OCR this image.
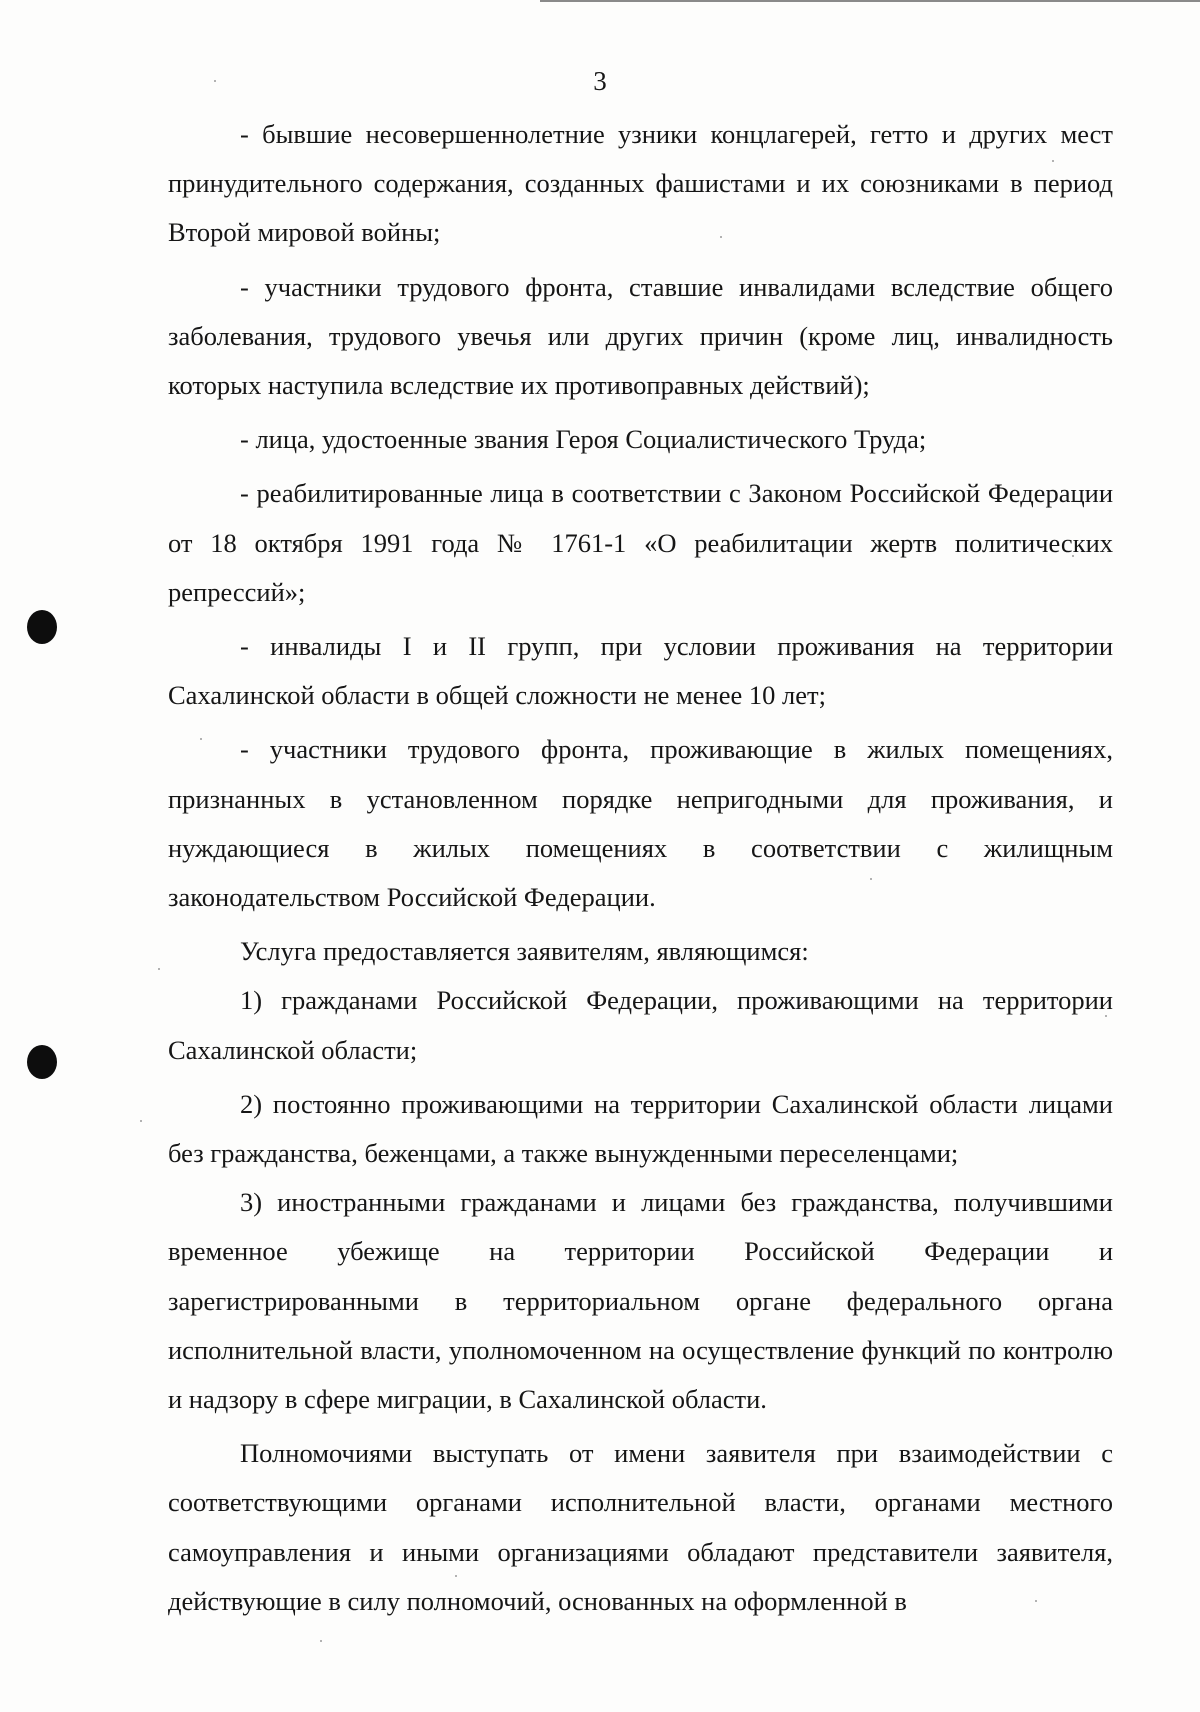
3

- бывшие несовершеннолетние узники концлагерей, гетто и других мест принудительного содержания, созданных фашистами и их союзниками в период Второй мировой войны;

- участники трудового фронта, ставшие инвалидами вследствие общего заболевания, трудового увечья или других причин (кроме лиц, инвалидность которых наступила вследствие их противоправных действий);

- лица, удостоенные звания Героя Социалистического Труда;

- реабилитированные лица в соответствии с Законом Российской Федерации от 18 октября 1991 года № 1761-1 «О реабилитации жертв политических репрессий»;

- инвалиды I и II групп, при условии проживания на территории Сахалинской области в общей сложности не менее 10 лет;

- участники трудового фронта, проживающие в жилых помещениях, признанных в установленном порядке непригодными для проживания, и нуждающиеся в жилых помещениях в соответствии с жилищным законодательством Российской Федерации.

Услуга предоставляется заявителям, являющимся:

1) гражданами Российской Федерации, проживающими на территории Сахалинской области;

2) постоянно проживающими на территории Сахалинской области лицами без гражданства, беженцами, а также вынужденными переселенцами;

3) иностранными гражданами и лицами без гражданства, получившими временное убежище на территории Российской Федерации и зарегистрированными в территориальном органе федерального органа исполнительной власти, уполномоченном на осуществление функций по контролю и надзору в сфере миграции, в Сахалинской области.

Полномочиями выступать от имени заявителя при взаимодействии с соответствующими органами исполнительной власти, органами местного самоуправления и иными организациями обладают представители заявителя, действующие в силу полномочий, основанных на оформленной в
